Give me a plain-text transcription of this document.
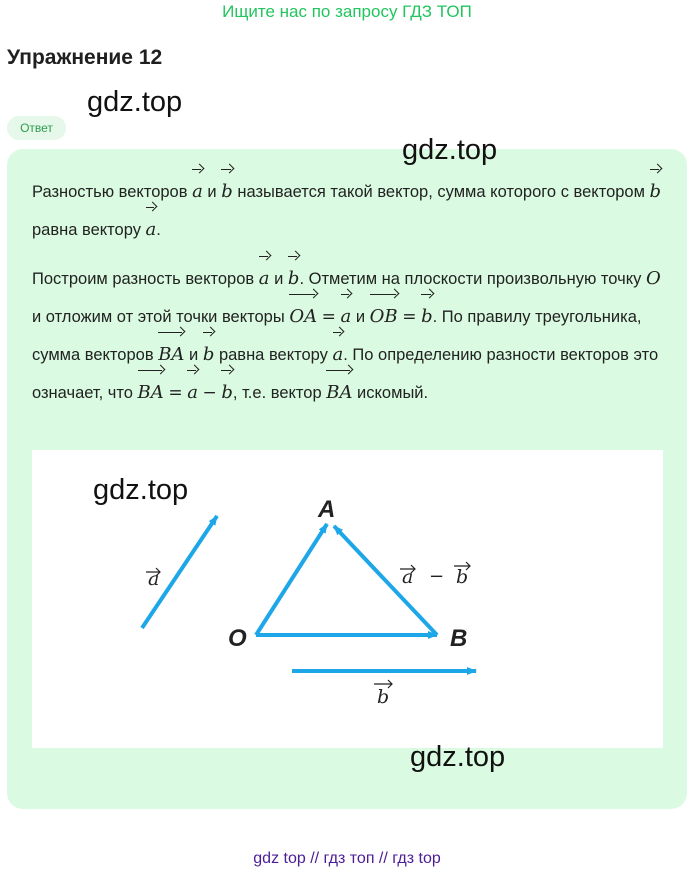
Ищите нас по запросу ГДЗ ТОП
Упражнение 12
gdz.top
Ответ
gdz.top
Разностью векторов a и b называется такой вектор, сумма которого с вектором b равна вектору a.
Построим разность векторов a и b. Отметим на плоскости произвольную точку O и отложим от этой точки векторы OA = a и OB = b. По правилу треугольника, сумма векторов BA и b равна вектору a. По определению разности векторов это означает, что BA = a − b, т.е. вектор BA искомый.
A
O	B
a
b
a − b
gdz.top
gdz.top
gdz top // гдз топ // гдз top
